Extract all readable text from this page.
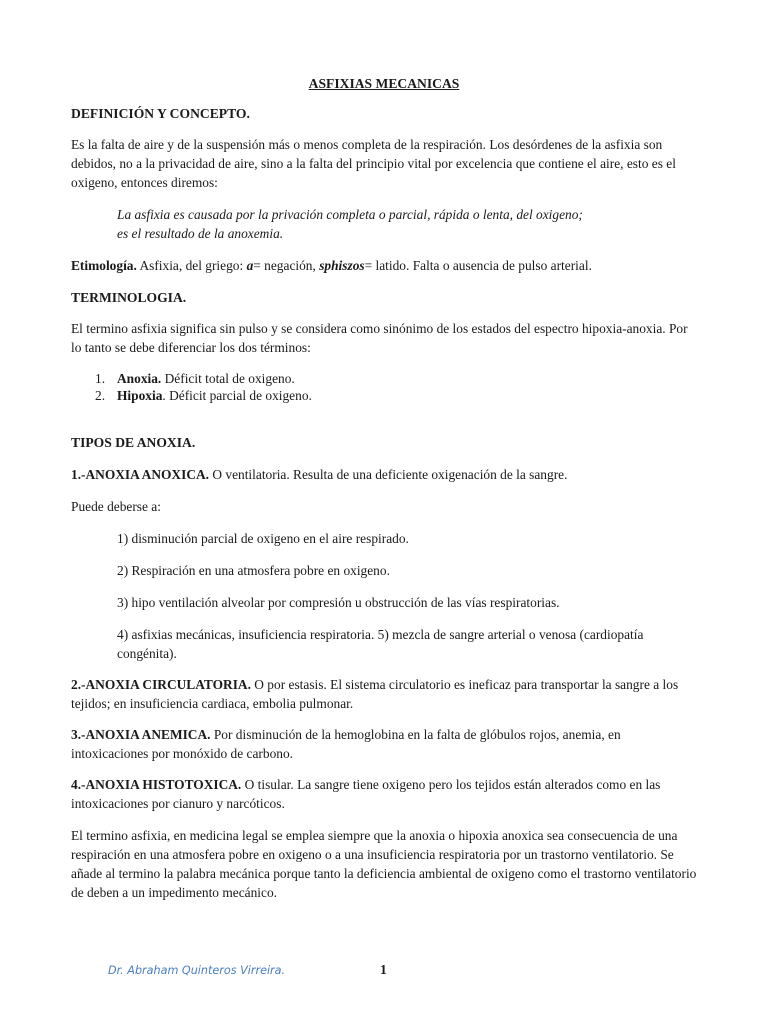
ASFIXIAS MECANICAS

DEFINICIÓN Y CONCEPTO.

Es la falta de aire y de la suspensión más o menos completa de la respiración. Los desórdenes de la asfixia son debidos, no a la privacidad de aire, sino a la falta del principio vital por excelencia que contiene el aire, esto es el oxigeno, entonces diremos:

La asfixia es causada por la privación completa o parcial, rápida o lenta, del oxigeno;

es el resultado de la anoxemia.

Etimología. Asfixia, del griego: a= negación, sphiszos= latido. Falta o ausencia de pulso arterial.

TERMINOLOGIA.

El termino asfixia significa sin pulso y se considera como sinónimo de los estados del espectro hipoxia-anoxia. Por lo tanto se debe diferenciar los dos términos:

1. Anoxia. Déficit total de oxigeno.
2. Hipoxia. Déficit parcial de oxigeno.

TIPOS DE ANOXIA.

1.-ANOXIA ANOXICA. O ventilatoria. Resulta de una deficiente oxigenación de la sangre.

Puede deberse a:

1) disminución parcial de oxigeno en el aire respirado.

2) Respiración en una atmosfera pobre en oxigeno.

3) hipo ventilación alveolar por compresión u obstrucción de las vías respiratorias.

4) asfixias mecánicas, insuficiencia respiratoria. 5) mezcla de sangre arterial o venosa (cardiopatía congénita).

2.-ANOXIA CIRCULATORIA. O por estasis. El sistema circulatorio es ineficaz para transportar la sangre a los tejidos; en insuficiencia cardiaca, embolia pulmonar.

3.-ANOXIA ANEMICA. Por disminución de la hemoglobina en la falta de glóbulos rojos, anemia, en intoxicaciones por monóxido de carbono.

4.-ANOXIA HISTOTOXICA. O tisular. La sangre tiene oxigeno pero los tejidos están alterados como en las intoxicaciones por cianuro y narcóticos.

El termino asfixia, en medicina legal se emplea siempre que la anoxia o hipoxia anoxica sea consecuencia de una respiración en una atmosfera pobre en oxigeno o a una insuficiencia respiratoria por un trastorno ventilatorio. Se añade al termino la palabra mecánica porque tanto la deficiencia ambiental de oxigeno como el trastorno ventilatorio de deben a un impedimento mecánico.

Dr. Abraham Quinteros Virreira.	1
